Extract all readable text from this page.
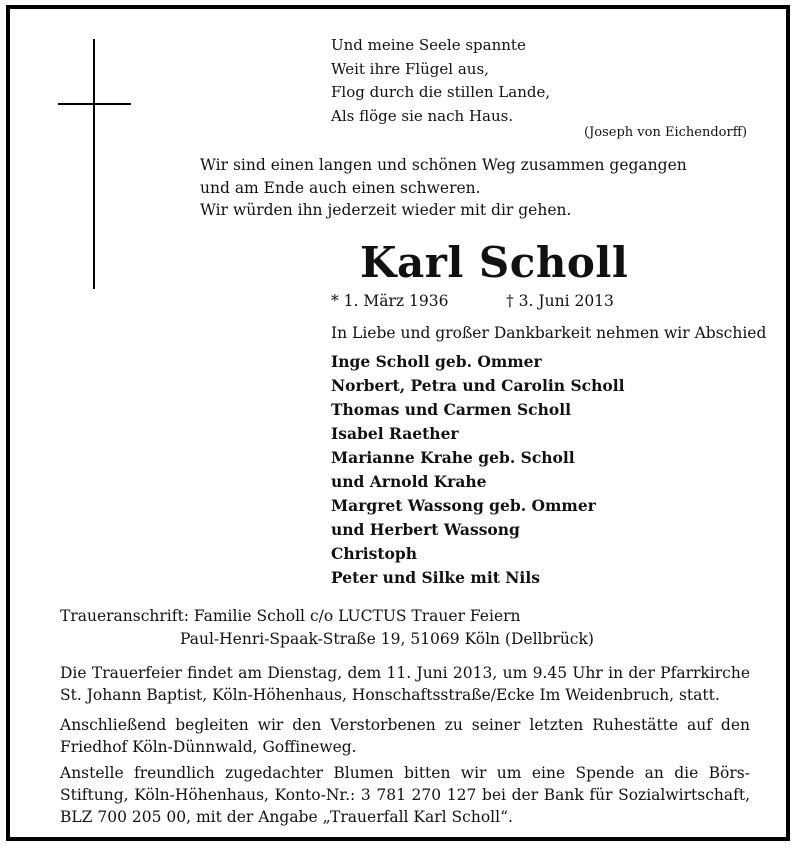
Und meine Seele spannte
Weit ihre Flügel aus,
Flog durch die stillen Lande,
Als flöge sie nach Haus.
(Joseph von Eichendorff)
Wir sind einen langen und schönen Weg zusammen gegangen
und am Ende auch einen schweren.
Wir würden ihn jederzeit wieder mit dir gehen.
Karl Scholl
* 1. März 1936	† 3. Juni 2013
In Liebe und großer Dankbarkeit nehmen wir Abschied
Inge Scholl geb. Ommer
Norbert, Petra und Carolin Scholl
Thomas und Carmen Scholl
Isabel Raether
Marianne Krahe geb. Scholl
und Arnold Krahe
Margret Wassong geb. Ommer
und Herbert Wassong
Christoph
Peter und Silke mit Nils
Traueranschrift: Familie Scholl c/o LUCTUS Trauer Feiern
Paul-Henri-Spaak-Straße 19, 51069 Köln (Dellbrück)
Die Trauerfeier findet am Dienstag, dem 11. Juni 2013, um 9.45 Uhr in der Pfarrkirche St. Johann Baptist, Köln-Höhenhaus, Honschaftsstraße/Ecke Im Weidenbruch, statt.
Anschließend begleiten wir den Verstorbenen zu seiner letzten Ruhestätte auf den Friedhof Köln-Dünnwald, Goffineweg.
Anstelle freundlich zugedachter Blumen bitten wir um eine Spende an die Börs-Stiftung, Köln-Höhenhaus, Konto-Nr.: 3 781 270 127 bei der Bank für Sozialwirtschaft, BLZ 700 205 00, mit der Angabe „Trauerfall Karl Scholl“.
